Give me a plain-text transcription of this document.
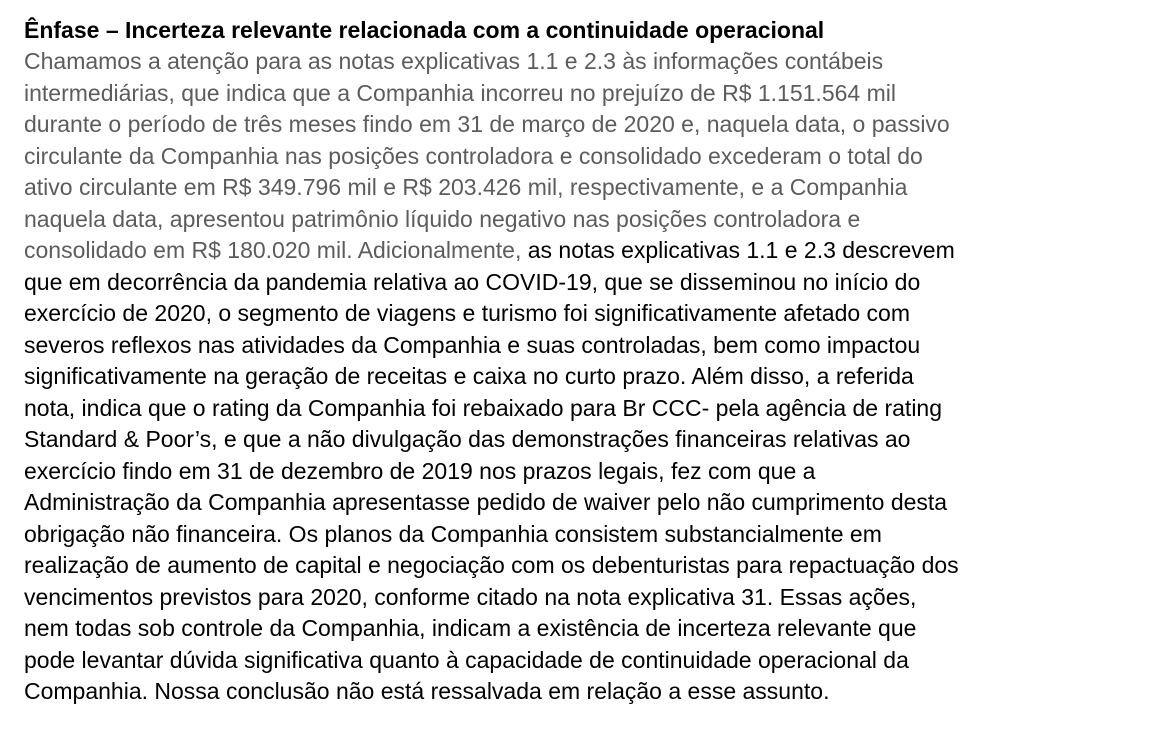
Ênfase – Incerteza relevante relacionada com a continuidade operacional

Chamamos a atenção para as notas explicativas 1.1 e 2.3 às informações contábeis
intermediárias, que indica que a Companhia incorreu no prejuízo de R$ 1.151.564 mil
durante o período de três meses findo em 31 de março de 2020 e, naquela data, o passivo
circulante da Companhia nas posições controladora e consolidado excederam o total do
ativo circulante em R$ 349.796 mil e R$ 203.426 mil, respectivamente, e a Companhia
naquela data, apresentou patrimônio líquido negativo nas posições controladora e
consolidado em R$ 180.020 mil. Adicionalmente, as notas explicativas 1.1 e 2.3 descrevem
que em decorrência da pandemia relativa ao COVID-19, que se disseminou no início do
exercício de 2020, o segmento de viagens e turismo foi significativamente afetado com
severos reflexos nas atividades da Companhia e suas controladas, bem como impactou
significativamente na geração de receitas e caixa no curto prazo. Além disso, a referida
nota, indica que o rating da Companhia foi rebaixado para Br CCC- pela agência de rating
Standard & Poor’s, e que a não divulgação das demonstrações financeiras relativas ao
exercício findo em 31 de dezembro de 2019 nos prazos legais, fez com que a
Administração da Companhia apresentasse pedido de waiver pelo não cumprimento desta
obrigação não financeira. Os planos da Companhia consistem substancialmente em
realização de aumento de capital e negociação com os debenturistas para repactuação dos
vencimentos previstos para 2020, conforme citado na nota explicativa 31. Essas ações,
nem todas sob controle da Companhia, indicam a existência de incerteza relevante que
pode levantar dúvida significativa quanto à capacidade de continuidade operacional da
Companhia. Nossa conclusão não está ressalvada em relação a esse assunto.
